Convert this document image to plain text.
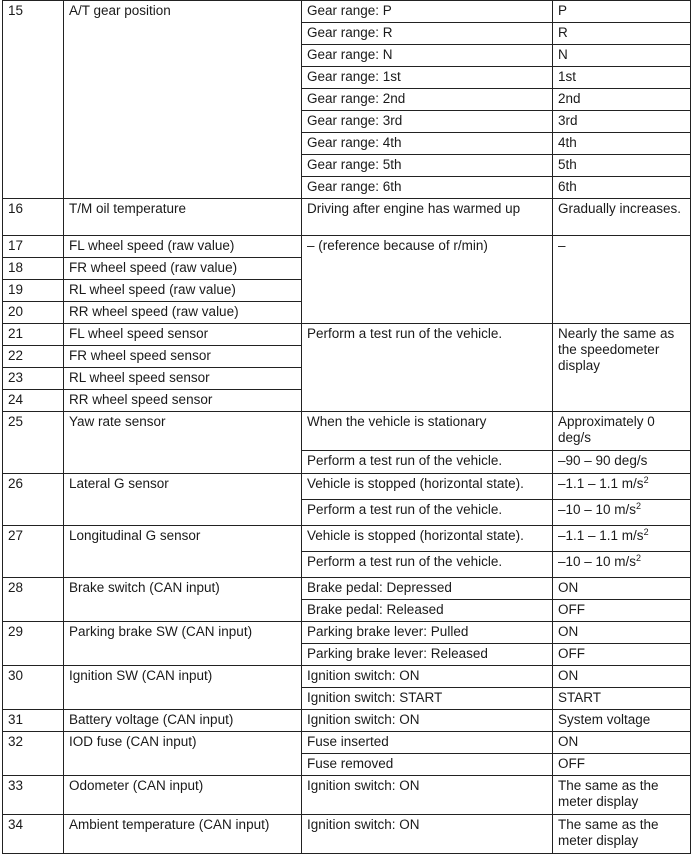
15	A/T gear position	Gear range: P	P
		Gear range: R	R
		Gear range: N	N
		Gear range: 1st	1st
		Gear range: 2nd	2nd
		Gear range: 3rd	3rd
		Gear range: 4th	4th
		Gear range: 5th	5th
		Gear range: 6th	6th
16	T/M oil temperature	Driving after engine has warmed up	Gradually increases.
17	FL wheel speed (raw value)	– (reference because of r/min)	–
18	FR wheel speed (raw value)		
19	RL wheel speed (raw value)		
20	RR wheel speed (raw value)		
21	FL wheel speed sensor	Perform a test run of the vehicle.	Nearly the same as the speedometer display
22	FR wheel speed sensor		
23	RL wheel speed sensor		
24	RR wheel speed sensor		
25	Yaw rate sensor	When the vehicle is stationary	Approximately 0 deg/s
		Perform a test run of the vehicle.	–90 – 90 deg/s
26	Lateral G sensor	Vehicle is stopped (horizontal state).	–1.1 – 1.1 $m/s^2$
		Perform a test run of the vehicle.	–10 – 10 $m/s^2$
27	Longitudinal G sensor	Vehicle is stopped (horizontal state).	–1.1 – 1.1 $m/s^2$
		Perform a test run of the vehicle.	–10 – 10 $m/s^2$
28	Brake switch (CAN input)	Brake pedal: Depressed	ON
		Brake pedal: Released	OFF
29	Parking brake SW (CAN input)	Parking brake lever: Pulled	ON
		Parking brake lever: Released	OFF
30	Ignition SW (CAN input)	Ignition switch: ON	ON
		Ignition switch: START	START
31	Battery voltage (CAN input)	Ignition switch: ON	System voltage
32	IOD fuse (CAN input)	Fuse inserted	ON
		Fuse removed	OFF
33	Odometer (CAN input)	Ignition switch: ON	The same as the meter display
34	Ambient temperature (CAN input)	Ignition switch: ON	The same as the meter display
